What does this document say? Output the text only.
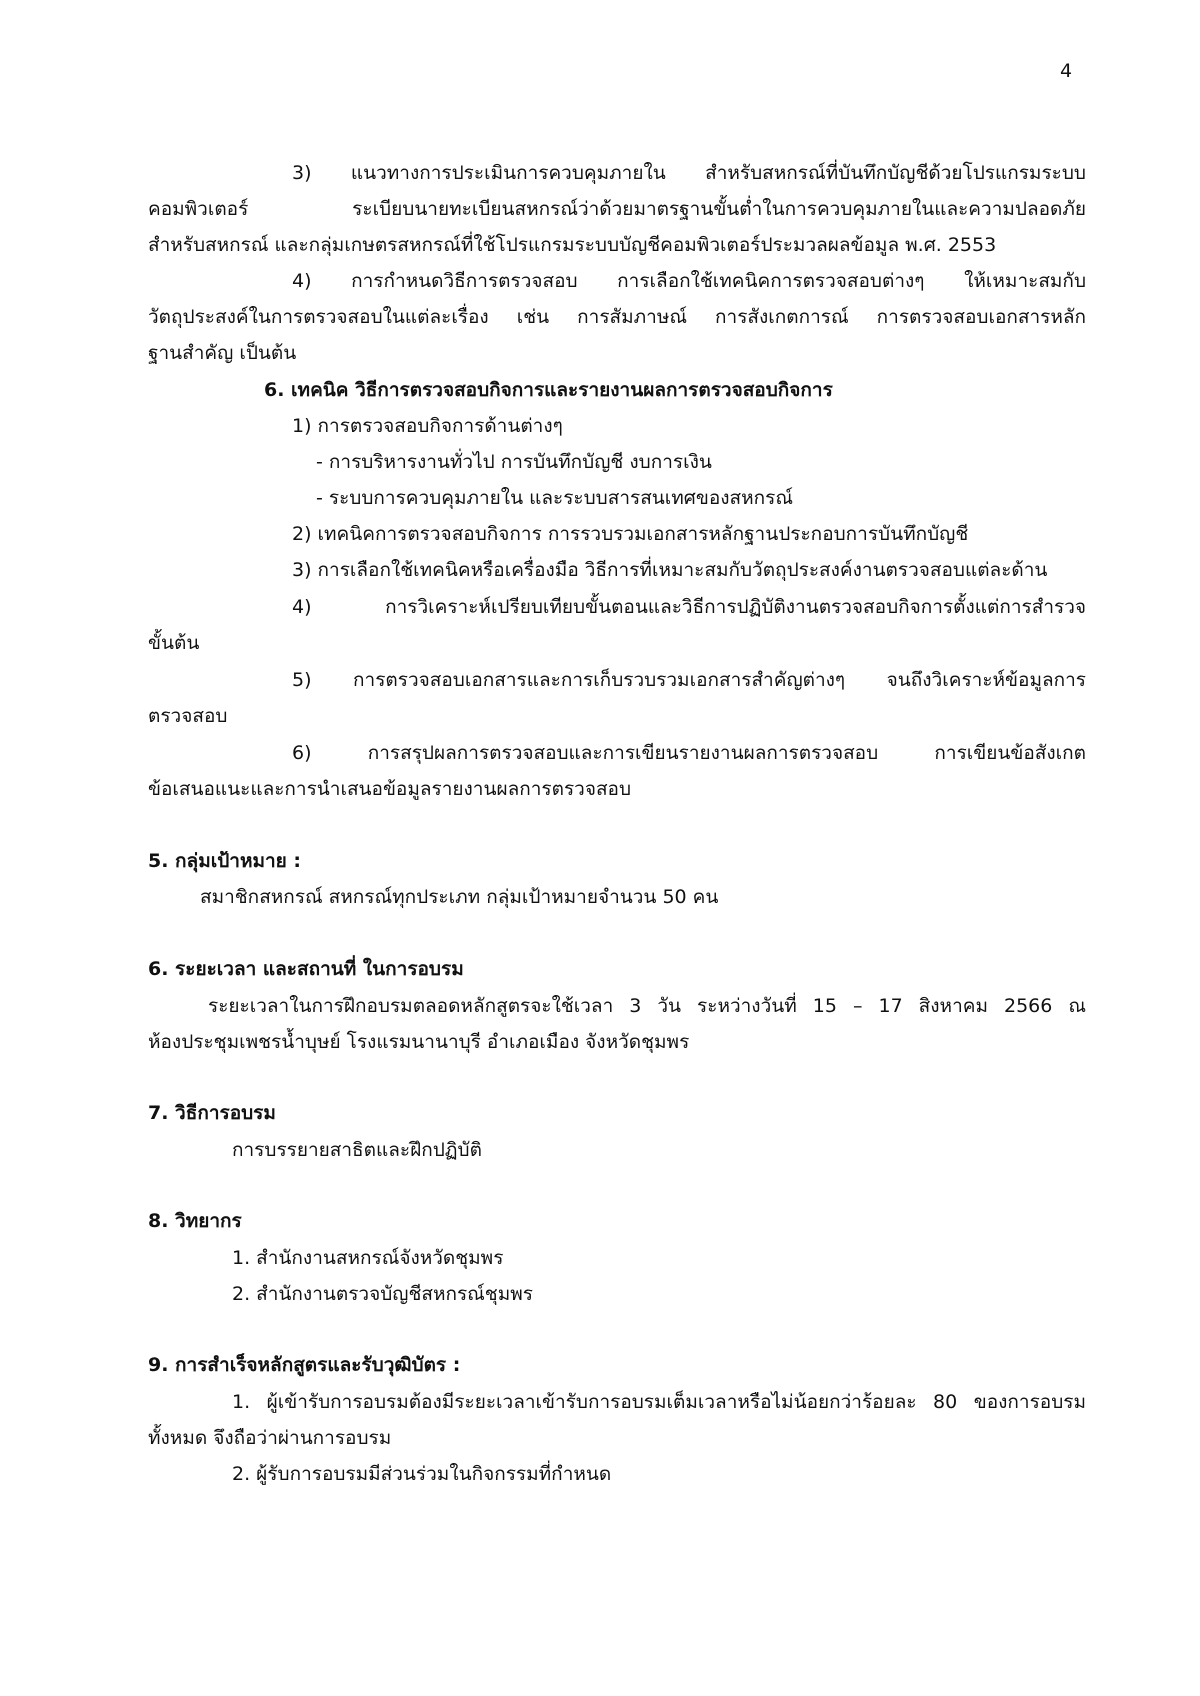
4
3) แนวทางการประเมินการควบคุมภายใน สำหรับสหกรณ์ที่บันทึกบัญชีด้วยโปรแกรมระบบ
คอมพิวเตอร์ ระเบียบนายทะเบียนสหกรณ์ว่าด้วยมาตรฐานขั้นต่ำในการควบคุมภายในและความปลอดภัย
สำหรับสหกรณ์ และกลุ่มเกษตรสหกรณ์ที่ใช้โปรแกรมระบบบัญชีคอมพิวเตอร์ประมวลผลข้อมูล พ.ศ. 2553
4) การกำหนดวิธีการตรวจสอบ การเลือกใช้เทคนิคการตรวจสอบต่างๆ ให้เหมาะสมกับ
วัตถุประสงค์ในการตรวจสอบในแต่ละเรื่อง เช่น การสัมภาษณ์ การสังเกตการณ์ การตรวจสอบเอกสารหลัก
ฐานสำคัญ เป็นต้น
6. เทคนิค วิธีการตรวจสอบกิจการและรายงานผลการตรวจสอบกิจการ
1) การตรวจสอบกิจการด้านต่างๆ
- การบริหารงานทั่วไป การบันทึกบัญชี งบการเงิน
- ระบบการควบคุมภายใน และระบบสารสนเทศของสหกรณ์
2) เทคนิคการตรวจสอบกิจการ การรวบรวมเอกสารหลักฐานประกอบการบันทึกบัญชี
3) การเลือกใช้เทคนิคหรือเครื่องมือ วิธีการที่เหมาะสมกับวัตถุประสงค์งานตรวจสอบแต่ละด้าน
4) การวิเคราะห์เปรียบเทียบขั้นตอนและวิธีการปฏิบัติงานตรวจสอบกิจการตั้งแต่การสำรวจ
ขั้นต้น
5) การตรวจสอบเอกสารและการเก็บรวบรวมเอกสารสำคัญต่างๆ จนถึงวิเคราะห์ข้อมูลการ
ตรวจสอบ
6) การสรุปผลการตรวจสอบและการเขียนรายงานผลการตรวจสอบ การเขียนข้อสังเกต
ข้อเสนอแนะและการนำเสนอข้อมูลรายงานผลการตรวจสอบ
5. กลุ่มเป้าหมาย :
สมาชิกสหกรณ์ สหกรณ์ทุกประเภท กลุ่มเป้าหมายจำนวน 50 คน
6. ระยะเวลา และสถานที่ ในการอบรม
ระยะเวลาในการฝึกอบรมตลอดหลักสูตรจะใช้เวลา 3 วัน ระหว่างวันที่ 15 – 17 สิงหาคม 2566 ณ
ห้องประชุมเพชรน้ำบุษย์ โรงแรมนานาบุรี อำเภอเมือง จังหวัดชุมพร
7. วิธีการอบรม
การบรรยายสาธิตและฝึกปฏิบัติ
8. วิทยากร
1. สำนักงานสหกรณ์จังหวัดชุมพร
2. สำนักงานตรวจบัญชีสหกรณ์ชุมพร
9. การสำเร็จหลักสูตรและรับวุฒิบัตร :
1. ผู้เข้ารับการอบรมต้องมีระยะเวลาเข้ารับการอบรมเต็มเวลาหรือไม่น้อยกว่าร้อยละ 80 ของการอบรม
ทั้งหมด จึงถือว่าผ่านการอบรม
2. ผู้รับการอบรมมีส่วนร่วมในกิจกรรมที่กำหนด
